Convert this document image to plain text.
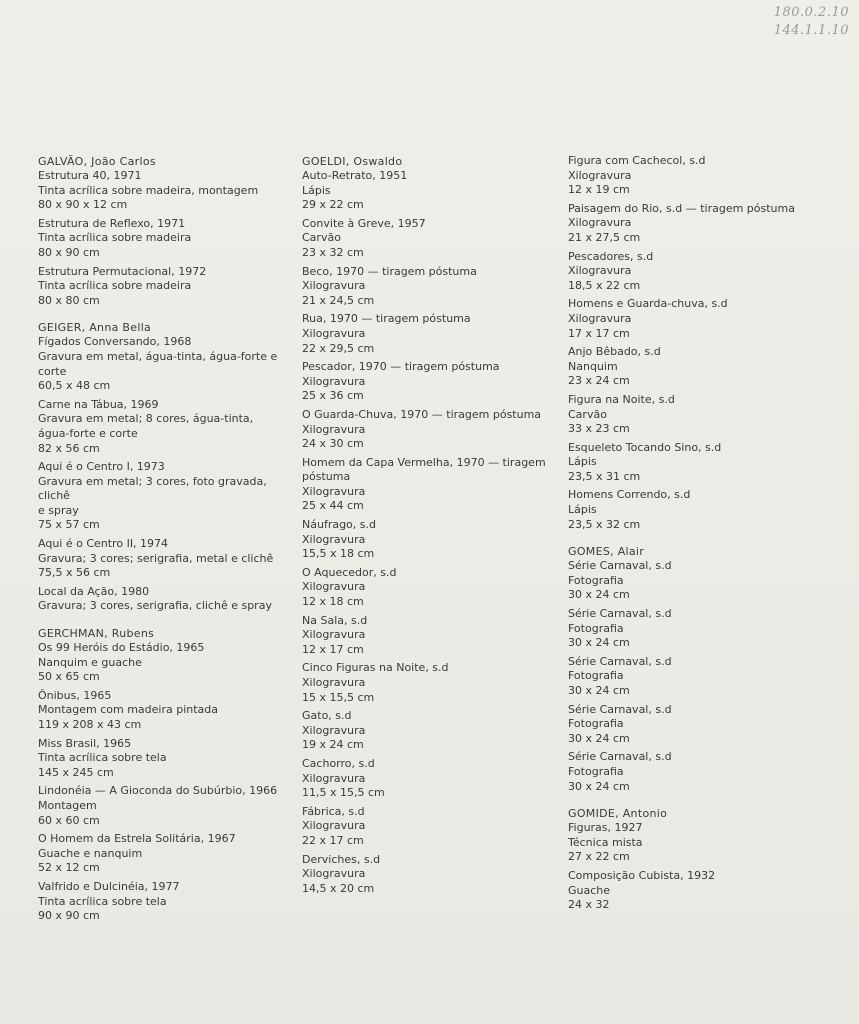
180.0.2.10
144.1.1.10
GALVÃO, João Carlos
Estrutura 40, 1971
Tinta acrílica sobre madeira, montagem
80 x 90 x 12 cm
Estrutura de Reflexo, 1971
Tinta acrílica sobre madeira
80 x 90 cm
Estrutura Permutacional, 1972
Tinta acrílica sobre madeira
80 x 80 cm
GEIGER, Anna Bella
Fígados Conversando, 1968
Gravura em metal, água-tinta, água-forte e corte
60,5 x 48 cm
Carne na Tábua, 1969
Gravura em metal; 8 cores, água-tinta,
água-forte e corte
82 x 56 cm
Aqui é o Centro I, 1973
Gravura em metal; 3 cores, foto gravada, clichê
e spray
75 x 57 cm
Aqui é o Centro II, 1974
Gravura; 3 cores; serigrafia, metal e clichê
75,5 x 56 cm
Local da Ação, 1980
Gravura; 3 cores, serigrafia, clichê e spray
GERCHMAN, Rubens
Os 99 Heróis do Estádio, 1965
Nanquim e guache
50 x 65 cm
Ônibus, 1965
Montagem com madeira pintada
119 x 208 x 43 cm
Miss Brasil, 1965
Tinta acrílica sobre tela
145 x 245 cm
Lindonéia — A Gioconda do Subúrbio, 1966
Montagem
60 x 60 cm
O Homem da Estrela Solitária, 1967
Guache e nanquim
52 x 12 cm
Valfrido e Dulcinéia, 1977
Tinta acrílica sobre tela
90 x 90 cm
GOELDI, Oswaldo
Auto-Retrato, 1951
Lápis
29 x 22 cm
Convite à Greve, 1957
Carvão
23 x 32 cm
Beco, 1970 — tiragem póstuma
Xilogravura
21 x 24,5 cm
Rua, 1970 — tiragem póstuma
Xilogravura
22 x 29,5 cm
Pescador, 1970 — tiragem póstuma
Xilogravura
25 x 36 cm
O Guarda-Chuva, 1970 — tiragem póstuma
Xilogravura
24 x 30 cm
Homem da Capa Vermelha, 1970 — tiragem
póstuma
Xilogravura
25 x 44 cm
Náufrago, s.d
Xilogravura
15,5 x 18 cm
O Aquecedor, s.d
Xilogravura
12 x 18 cm
Na Sala, s.d
Xilogravura
12 x 17 cm
Cinco Figuras na Noite, s.d
Xilogravura
15 x 15,5 cm
Gato, s.d
Xilogravura
19 x 24 cm
Cachorro, s.d
Xilogravura
11,5 x 15,5 cm
Fábrica, s.d
Xilogravura
22 x 17 cm
Derviches, s.d
Xilogravura
14,5 x 20 cm
Figura com Cachecol, s.d
Xilogravura
12 x 19 cm
Paisagem do Rio, s.d — tiragem póstuma
Xilogravura
21 x 27,5 cm
Pescadores, s.d
Xilogravura
18,5 x 22 cm
Homens e Guarda-chuva, s.d
Xilogravura
17 x 17 cm
Anjo Bêbado, s.d
Nanquim
23 x 24 cm
Figura na Noite, s.d
Carvão
33 x 23 cm
Esqueleto Tocando Sino, s.d
Lápis
23,5 x 31 cm
Homens Correndo, s.d
Lápis
23,5 x 32 cm
GOMES, Alair
Série Carnaval, s.d
Fotografia
30 x 24 cm
Série Carnaval, s.d
Fotografia
30 x 24 cm
Série Carnaval, s.d
Fotografia
30 x 24 cm
Série Carnaval, s.d
Fotografia
30 x 24 cm
Série Carnaval, s.d
Fotografia
30 x 24 cm
GOMIDE, Antonio
Figuras, 1927
Técnica mista
27 x 22 cm
Composição Cubista, 1932
Guache
24 x 32
